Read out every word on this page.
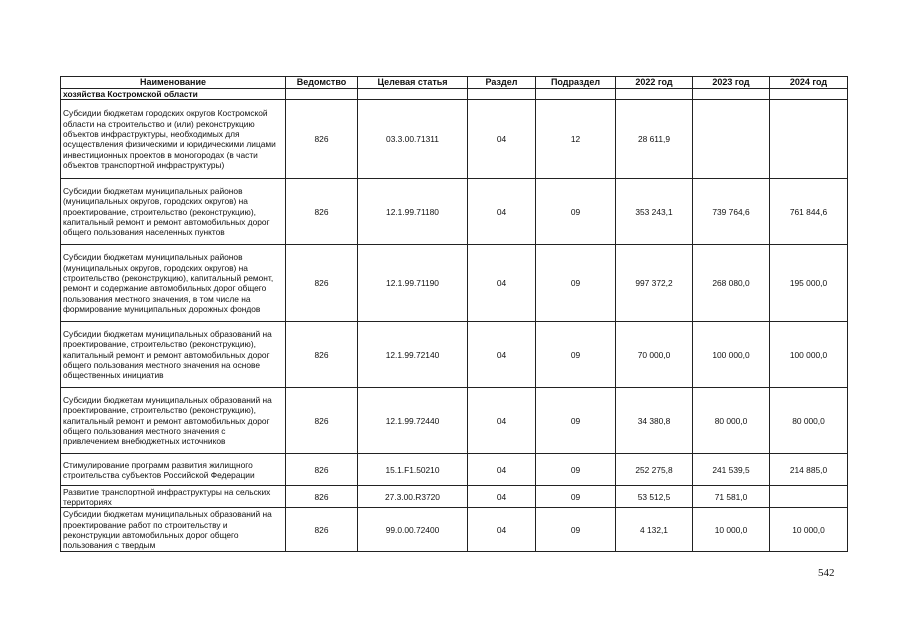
Наименование	Ведомство	Целевая статья	Раздел	Подраздел	2022 год	2023 год	2024 год
хозяйства Костромской области							
Субсидии бюджетам городских округов Костромской области на строительство и (или) реконструкцию объектов инфраструктуры, необходимых для осуществления физическими и юридическими лицами инвестиционных проектов в моногородах (в части объектов транспортной инфраструктуры)	826	03.3.00.71311	04	12	28 611,9		
Субсидии бюджетам муниципальных районов (муниципальных округов, городских округов) на проектирование, строительство (реконструкцию), капитальный ремонт и ремонт автомобильных дорог общего пользования населенных пунктов	826	12.1.99.71180	04	09	353 243,1	739 764,6	761 844,6
Субсидии бюджетам муниципальных районов (муниципальных округов, городских округов) на строительство (реконструкцию), капитальный ремонт, ремонт и содержание автомобильных дорог общего пользования местного значения, в том числе на формирование муниципальных дорожных фондов	826	12.1.99.71190	04	09	997 372,2	268 080,0	195 000,0
Субсидии бюджетам муниципальных образований на проектирование, строительство (реконструкцию), капитальный ремонт и ремонт автомобильных дорог общего пользования местного значения на основе общественных инициатив	826	12.1.99.72140	04	09	70 000,0	100 000,0	100 000,0
Субсидии бюджетам муниципальных образований на проектирование, строительство (реконструкцию), капитальный ремонт и ремонт автомобильных дорог общего пользования местного значения с привлечением внебюджетных источников	826	12.1.99.72440	04	09	34 380,8	80 000,0	80 000,0
Стимулирование программ развития жилищного строительства субъектов Российской Федерации	826	15.1.F1.50210	04	09	252 275,8	241 539,5	214 885,0
Развитие транспортной инфраструктуры на сельских территориях	826	27.3.00.R3720	04	09	53 512,5	71 581,0	
Субсидии бюджетам муниципальных образований на проектирование работ по строительству и реконструкции автомобильных дорог общего пользования с твердым	826	99.0.00.72400	04	09	4 132,1	10 000,0	10 000,0
542
